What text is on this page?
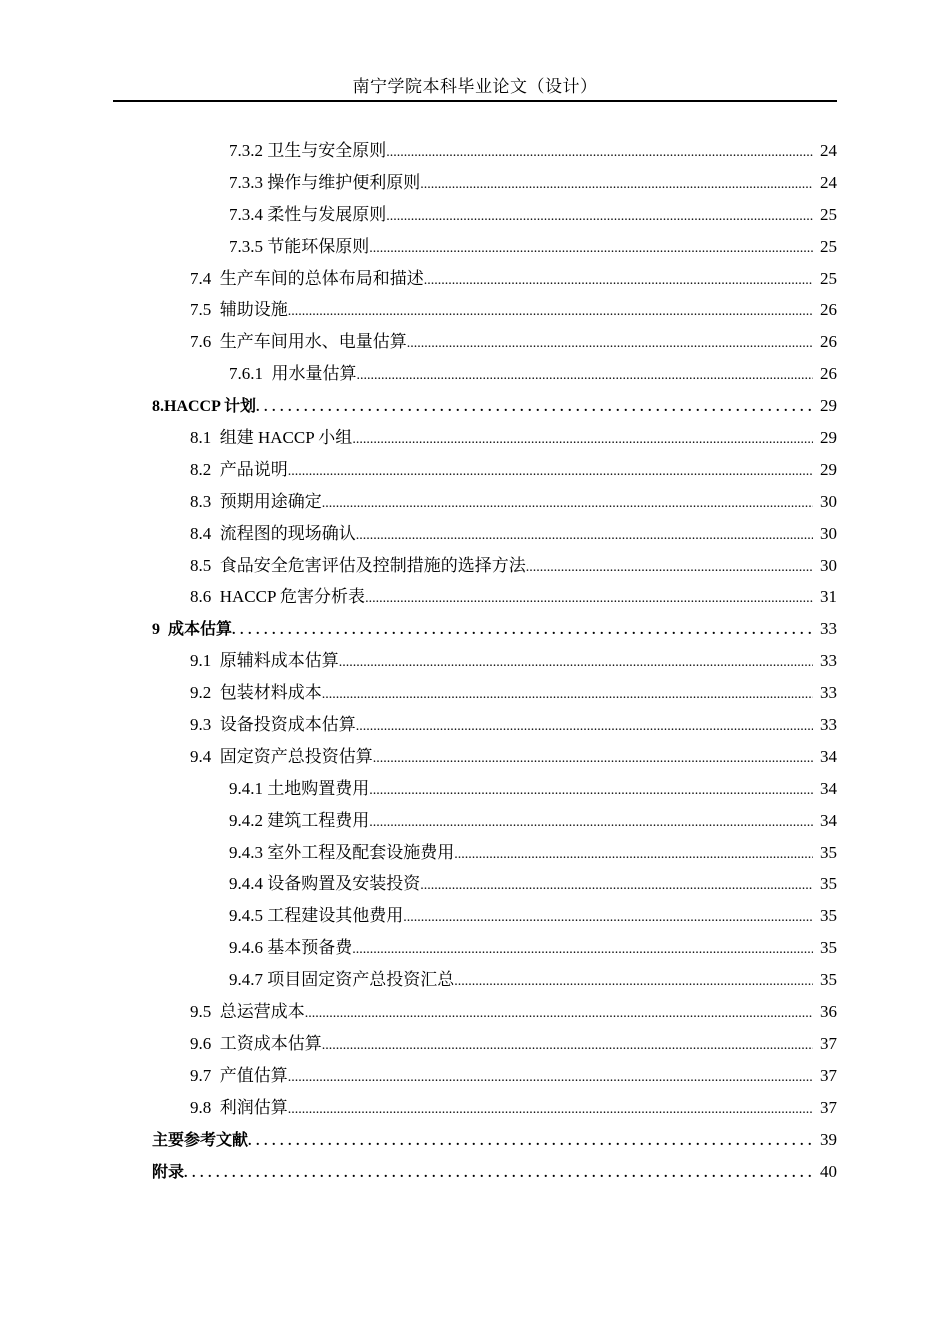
南宁学院本科毕业论文（设计）
7.3.2 卫生与安全原则 .....	24
7.3.3 操作与维护便利原则 .....	24
7.3.4 柔性与发展原则 .....	25
7.3.5 节能环保原则 .....	25
7.4  生产车间的总体布局和描述 .....	25
7.5  辅助设施 .....	26
7.6  生产车间用水、电量估算 .....	26
7.6.1  用水量估算 .....	26
8.HACCP 计划 .....	29
8.1  组建 HACCP 小组 .....	29
8.2  产品说明 .....	29
8.3  预期用途确定 .....	30
8.4  流程图的现场确认 .....	30
8.5  食品安全危害评估及控制措施的选择方法 .....	30
8.6  HACCP 危害分析表 .....	31
9  成本估算 .....	33
9.1  原辅料成本估算 .....	33
9.2  包装材料成本 .....	33
9.3  设备投资成本估算 .....	33
9.4  固定资产总投资估算 .....	34
9.4.1 土地购置费用 .....	34
9.4.2 建筑工程费用 .....	34
9.4.3 室外工程及配套设施费用 .....	35
9.4.4 设备购置及安装投资 .....	35
9.4.5 工程建设其他费用 .....	35
9.4.6 基本预备费 .....	35
9.4.7 项目固定资产总投资汇总 .....	35
9.5  总运营成本 .....	36
9.6  工资成本估算 .....	37
9.7  产值估算 .....	37
9.8  利润估算 .....	37
主要参考文献 .....	39
附录 .....	40
